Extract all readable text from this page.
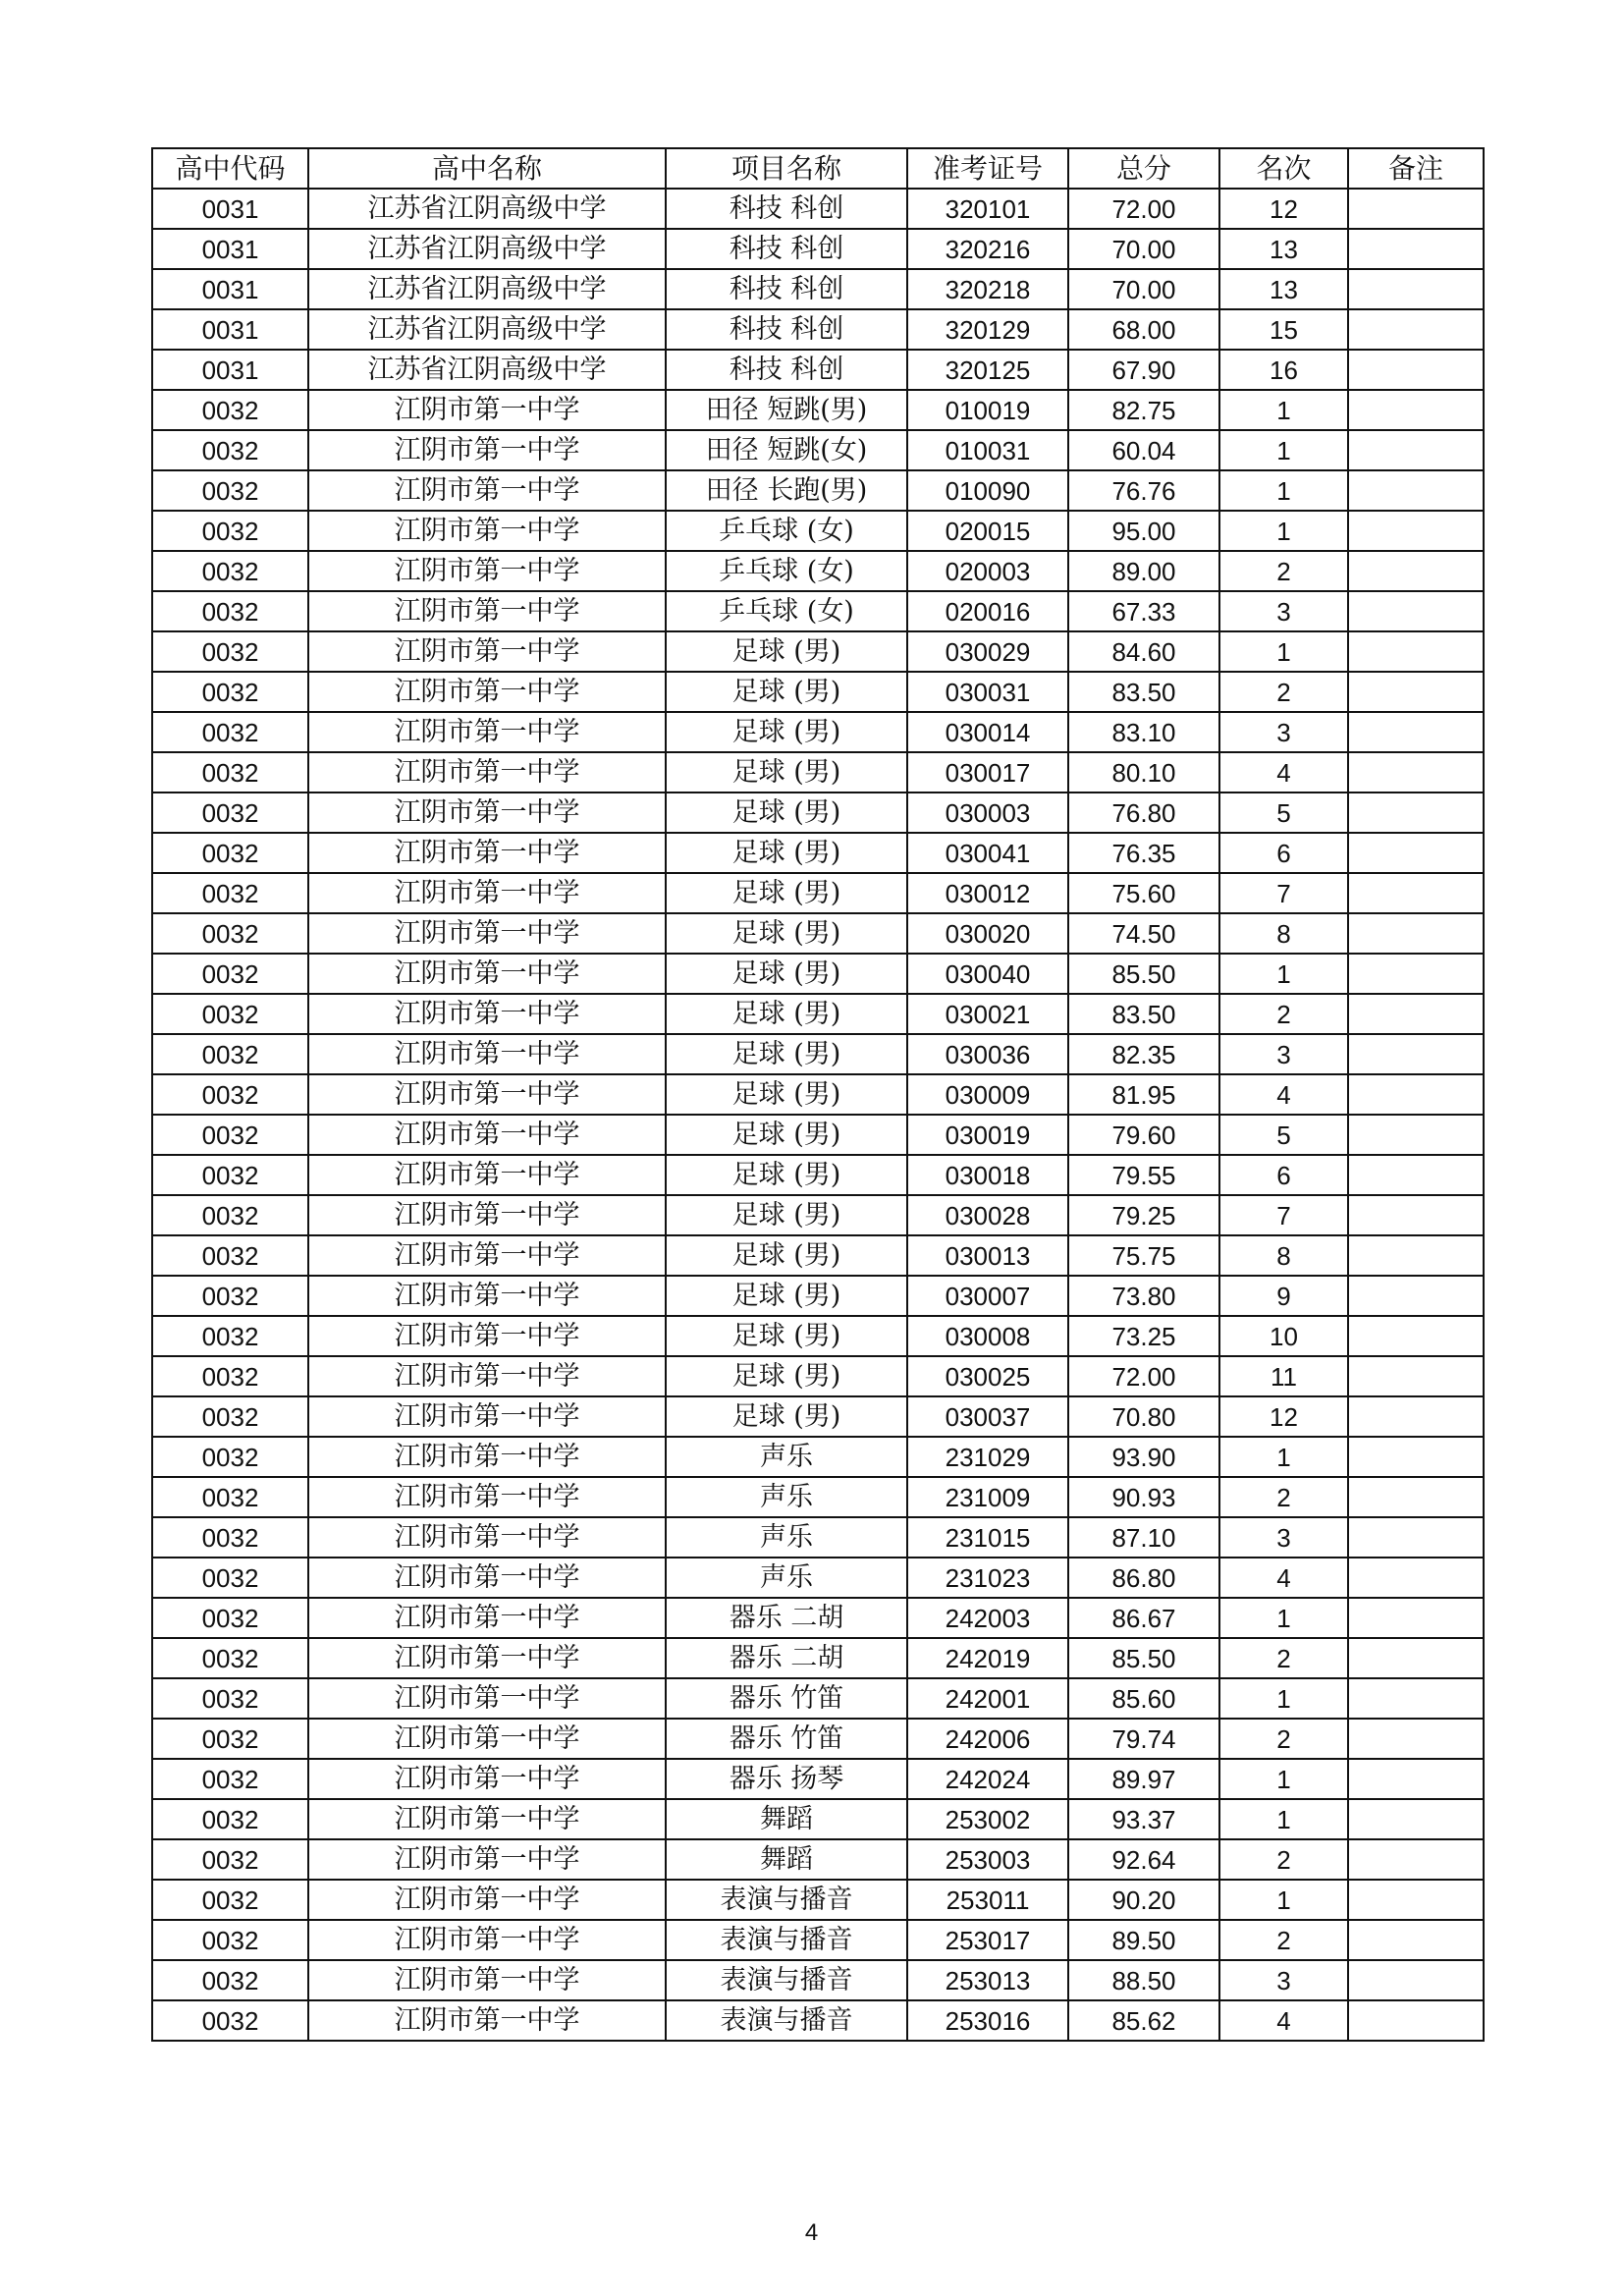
高中代码	高中名称	项目名称	准考证号	总分	名次	备注
0031	江苏省江阴高级中学	科技 科创	320101	72.00	12	
0031	江苏省江阴高级中学	科技 科创	320216	70.00	13	
0031	江苏省江阴高级中学	科技 科创	320218	70.00	13	
0031	江苏省江阴高级中学	科技 科创	320129	68.00	15	
0031	江苏省江阴高级中学	科技 科创	320125	67.90	16	
0032	江阴市第一中学	田径 短跳(男)	010019	82.75	1	
0032	江阴市第一中学	田径 短跳(女)	010031	60.04	1	
0032	江阴市第一中学	田径 长跑(男)	010090	76.76	1	
0032	江阴市第一中学	乒乓球 (女)	020015	95.00	1	
0032	江阴市第一中学	乒乓球 (女)	020003	89.00	2	
0032	江阴市第一中学	乒乓球 (女)	020016	67.33	3	
0032	江阴市第一中学	足球 (男)	030029	84.60	1	
0032	江阴市第一中学	足球 (男)	030031	83.50	2	
0032	江阴市第一中学	足球 (男)	030014	83.10	3	
0032	江阴市第一中学	足球 (男)	030017	80.10	4	
0032	江阴市第一中学	足球 (男)	030003	76.80	5	
0032	江阴市第一中学	足球 (男)	030041	76.35	6	
0032	江阴市第一中学	足球 (男)	030012	75.60	7	
0032	江阴市第一中学	足球 (男)	030020	74.50	8	
0032	江阴市第一中学	足球 (男)	030040	85.50	1	
0032	江阴市第一中学	足球 (男)	030021	83.50	2	
0032	江阴市第一中学	足球 (男)	030036	82.35	3	
0032	江阴市第一中学	足球 (男)	030009	81.95	4	
0032	江阴市第一中学	足球 (男)	030019	79.60	5	
0032	江阴市第一中学	足球 (男)	030018	79.55	6	
0032	江阴市第一中学	足球 (男)	030028	79.25	7	
0032	江阴市第一中学	足球 (男)	030013	75.75	8	
0032	江阴市第一中学	足球 (男)	030007	73.80	9	
0032	江阴市第一中学	足球 (男)	030008	73.25	10	
0032	江阴市第一中学	足球 (男)	030025	72.00	11	
0032	江阴市第一中学	足球 (男)	030037	70.80	12	
0032	江阴市第一中学	声乐	231029	93.90	1	
0032	江阴市第一中学	声乐	231009	90.93	2	
0032	江阴市第一中学	声乐	231015	87.10	3	
0032	江阴市第一中学	声乐	231023	86.80	4	
0032	江阴市第一中学	器乐 二胡	242003	86.67	1	
0032	江阴市第一中学	器乐 二胡	242019	85.50	2	
0032	江阴市第一中学	器乐 竹笛	242001	85.60	1	
0032	江阴市第一中学	器乐 竹笛	242006	79.74	2	
0032	江阴市第一中学	器乐 扬琴	242024	89.97	1	
0032	江阴市第一中学	舞蹈	253002	93.37	1	
0032	江阴市第一中学	舞蹈	253003	92.64	2	
0032	江阴市第一中学	表演与播音	253011	90.20	1	
0032	江阴市第一中学	表演与播音	253017	89.50	2	
0032	江阴市第一中学	表演与播音	253013	88.50	3	
0032	江阴市第一中学	表演与播音	253016	85.62	4	
4
